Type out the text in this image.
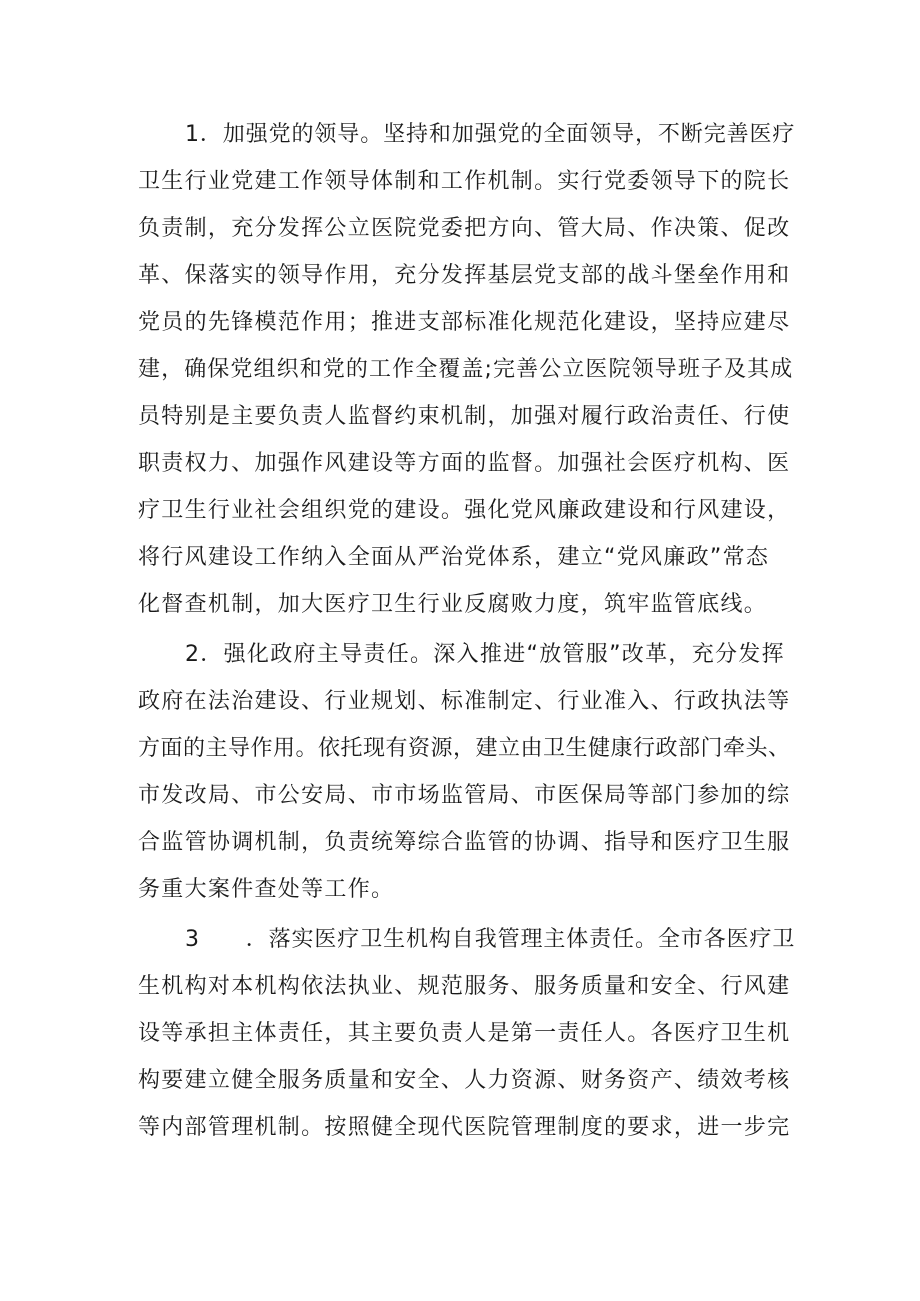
1．加强党的领导。坚持和加强党的全面领导，不断完善医疗
卫生行业党建工作领导体制和工作机制。实行党委领导下的院长
负责制，充分发挥公立医院党委把方向、管大局、作决策、促改
革、保落实的领导作用，充分发挥基层党支部的战斗堡垒作用和
党员的先锋模范作用；推进支部标准化规范化建设，坚持应建尽
建，确保党组织和党的工作全覆盖;完善公立医院领导班子及其成
员特别是主要负责人监督约束机制，加强对履行政治责任、行使
职责权力、加强作风建设等方面的监督。加强社会医疗机构、医
疗卫生行业社会组织党的建设。强化党风廉政建设和行风建设，
将行风建设工作纳入全面从严治党体系，建立“党风廉政”常态
化督查机制，加大医疗卫生行业反腐败力度，筑牢监管底线。
2．强化政府主导责任。深入推进“放管服”改革，充分发挥
政府在法治建设、行业规划、标准制定、行业准入、行政执法等
方面的主导作用。依托现有资源，建立由卫生健康行政部门牵头、
市发改局、市公安局、市市场监管局、市医保局等部门参加的综
合监管协调机制，负责统筹综合监管的协调、指导和医疗卫生服
务重大案件查处等工作。
3　　．落实医疗卫生机构自我管理主体责任。全市各医疗卫
生机构对本机构依法执业、规范服务、服务质量和安全、行风建
设等承担主体责任，其主要负责人是第一责任人。各医疗卫生机
构要建立健全服务质量和安全、人力资源、财务资产、绩效考核
等内部管理机制。按照健全现代医院管理制度的要求，进一步完
